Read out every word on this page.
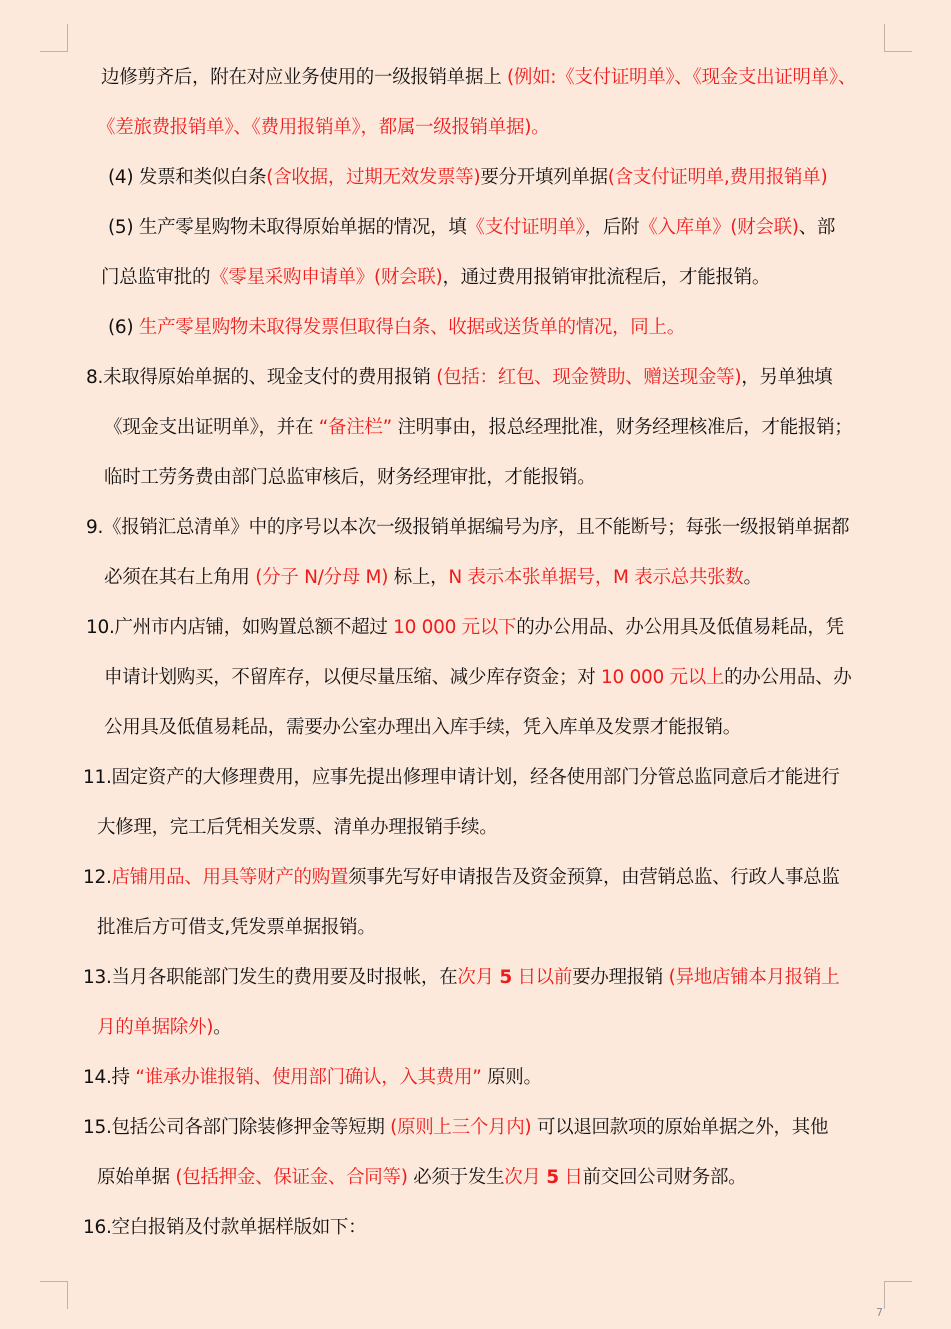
边修剪齐后，附在对应业务使用的一级报销单据上 (例如:《支付证明单》、《现金支出证明单》、
《差旅费报销单》、《费用报销单》，都属一级报销单据)。
(4) 发票和类似白条(含收据，过期无效发票等)要分开填列单据(含支付证明单,费用报销单)
(5) 生产零星购物未取得原始单据的情况，填《支付证明单》，后附《入库单》(财会联)、部
门总监审批的《零星采购申请单》(财会联)，通过费用报销审批流程后，才能报销。
(6) 生产零星购物未取得发票但取得白条、收据或送货单的情况，同上。
8.未取得原始单据的、现金支付的费用报销 (包括：红包、现金赞助、赠送现金等)，另单独填
《现金支出证明单》，并在 “备注栏” 注明事由，报总经理批准，财务经理核准后，才能报销；
临时工劳务费由部门总监审核后，财务经理审批，才能报销。
9.《报销汇总清单》中的序号以本次一级报销单据编号为序，且不能断号；每张一级报销单据都
必须在其右上角用 (分子 N/分母 M) 标上，N 表示本张单据号，M 表示总共张数。
10.广州市内店铺，如购置总额不超过 10 000 元以下的办公用品、办公用具及低值易耗品，凭
申请计划购买，不留库存，以便尽量压缩、减少库存资金；对 10 000 元以上的办公用品、办
公用具及低值易耗品，需要办公室办理出入库手续，凭入库单及发票才能报销。
11.固定资产的大修理费用，应事先提出修理申请计划，经各使用部门分管总监同意后才能进行
大修理，完工后凭相关发票、清单办理报销手续。
12.店铺用品、用具等财产的购置须事先写好申请报告及资金预算，由营销总监、行政人事总监
批准后方可借支,凭发票单据报销。
13.当月各职能部门发生的费用要及时报帐，在次月 5 日以前要办理报销 (异地店铺本月报销上
月的单据除外)。
14.持 “谁承办谁报销、使用部门确认，入其费用” 原则。
15.包括公司各部门除装修押金等短期 (原则上三个月内) 可以退回款项的原始单据之外，其他
原始单据 (包括押金、保证金、合同等) 必须于发生次月 5 日前交回公司财务部。
16.空白报销及付款单据样版如下：
7
